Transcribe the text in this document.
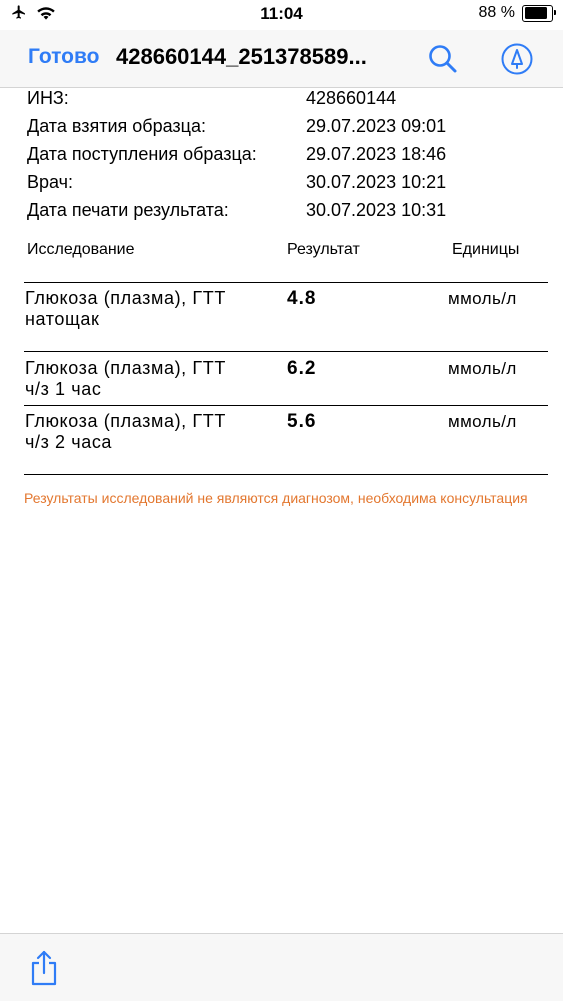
11:04	88 %
Готово 428660144_251378589...
ИНЗ:	428660144
Дата взятия образца:	29.07.2023 09:01
Дата поступления образца:	29.07.2023 18:46
Врач:	30.07.2023 10:21
Дата печати результата:	30.07.2023 10:31
Исследование	Результат	Единицы
Глюкоза (плазма), ГТТ
натощак
4.8	ммоль/л
Глюкоза (плазма), ГТТ
ч/з 1 час
6.2	ммоль/л
Глюкоза (плазма), ГТТ
ч/з 2 часа
5.6	ммоль/л
Результаты исследований не являются диагнозом, необходима консультация
